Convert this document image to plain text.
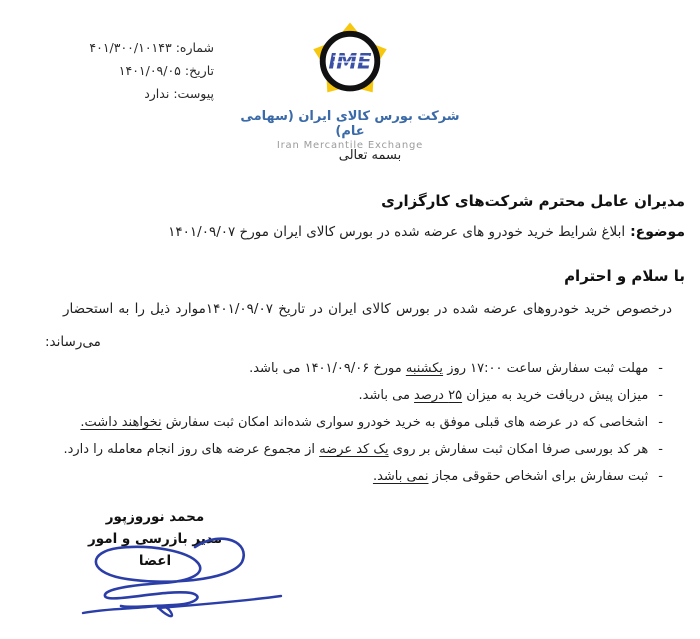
شماره:۴۰۱/۳۰۰/۱۰۱۴۳
تاریخ:۱۴۰۱/۰۹/۰۵
پیوست:ندارد
IME
شرکت بورس کالای ایران (سهامی عام)
Iran Mercantile Exchange
بسمه تعالی
مدیران عامل محترم شرکت‌های کارگزاری
موضوع:ابلاغ شرایط خرید خودرو های عرضه شده در بورس کالای ایران مورخ ۱۴۰۱/۰۹/۰۷
با سلام و احترام
درخصوص خرید خودروهای عرضه شده در بورس کالای ایران در تاریخ ۱۴۰۱/۰۹/۰۷موارد ذیل را به استحضار
می‌رساند:
-مهلت ثبت سفارش ساعت ۱۷:۰۰ روز یکشنبه مورخ ۱۴۰۱/۰۹/۰۶ می باشد.
-میزان پیش دریافت خرید به میزان ۲۵ درصد می باشد.
-اشخاصی که در عرضه های قبلی موفق به خرید خودرو سواری شده‌اند امکان ثبت سفارش نخواهند داشت.
-هر کد بورسی صرفا امکان ثبت سفارش بر روی یک کد عرضه از مجموع عرضه های روز انجام معامله را دارد.
-ثبت سفارش برای اشخاص حقوقی مجاز نمی باشد.
محمد نوروزپور
مدیر بازرسی و امور اعضا
